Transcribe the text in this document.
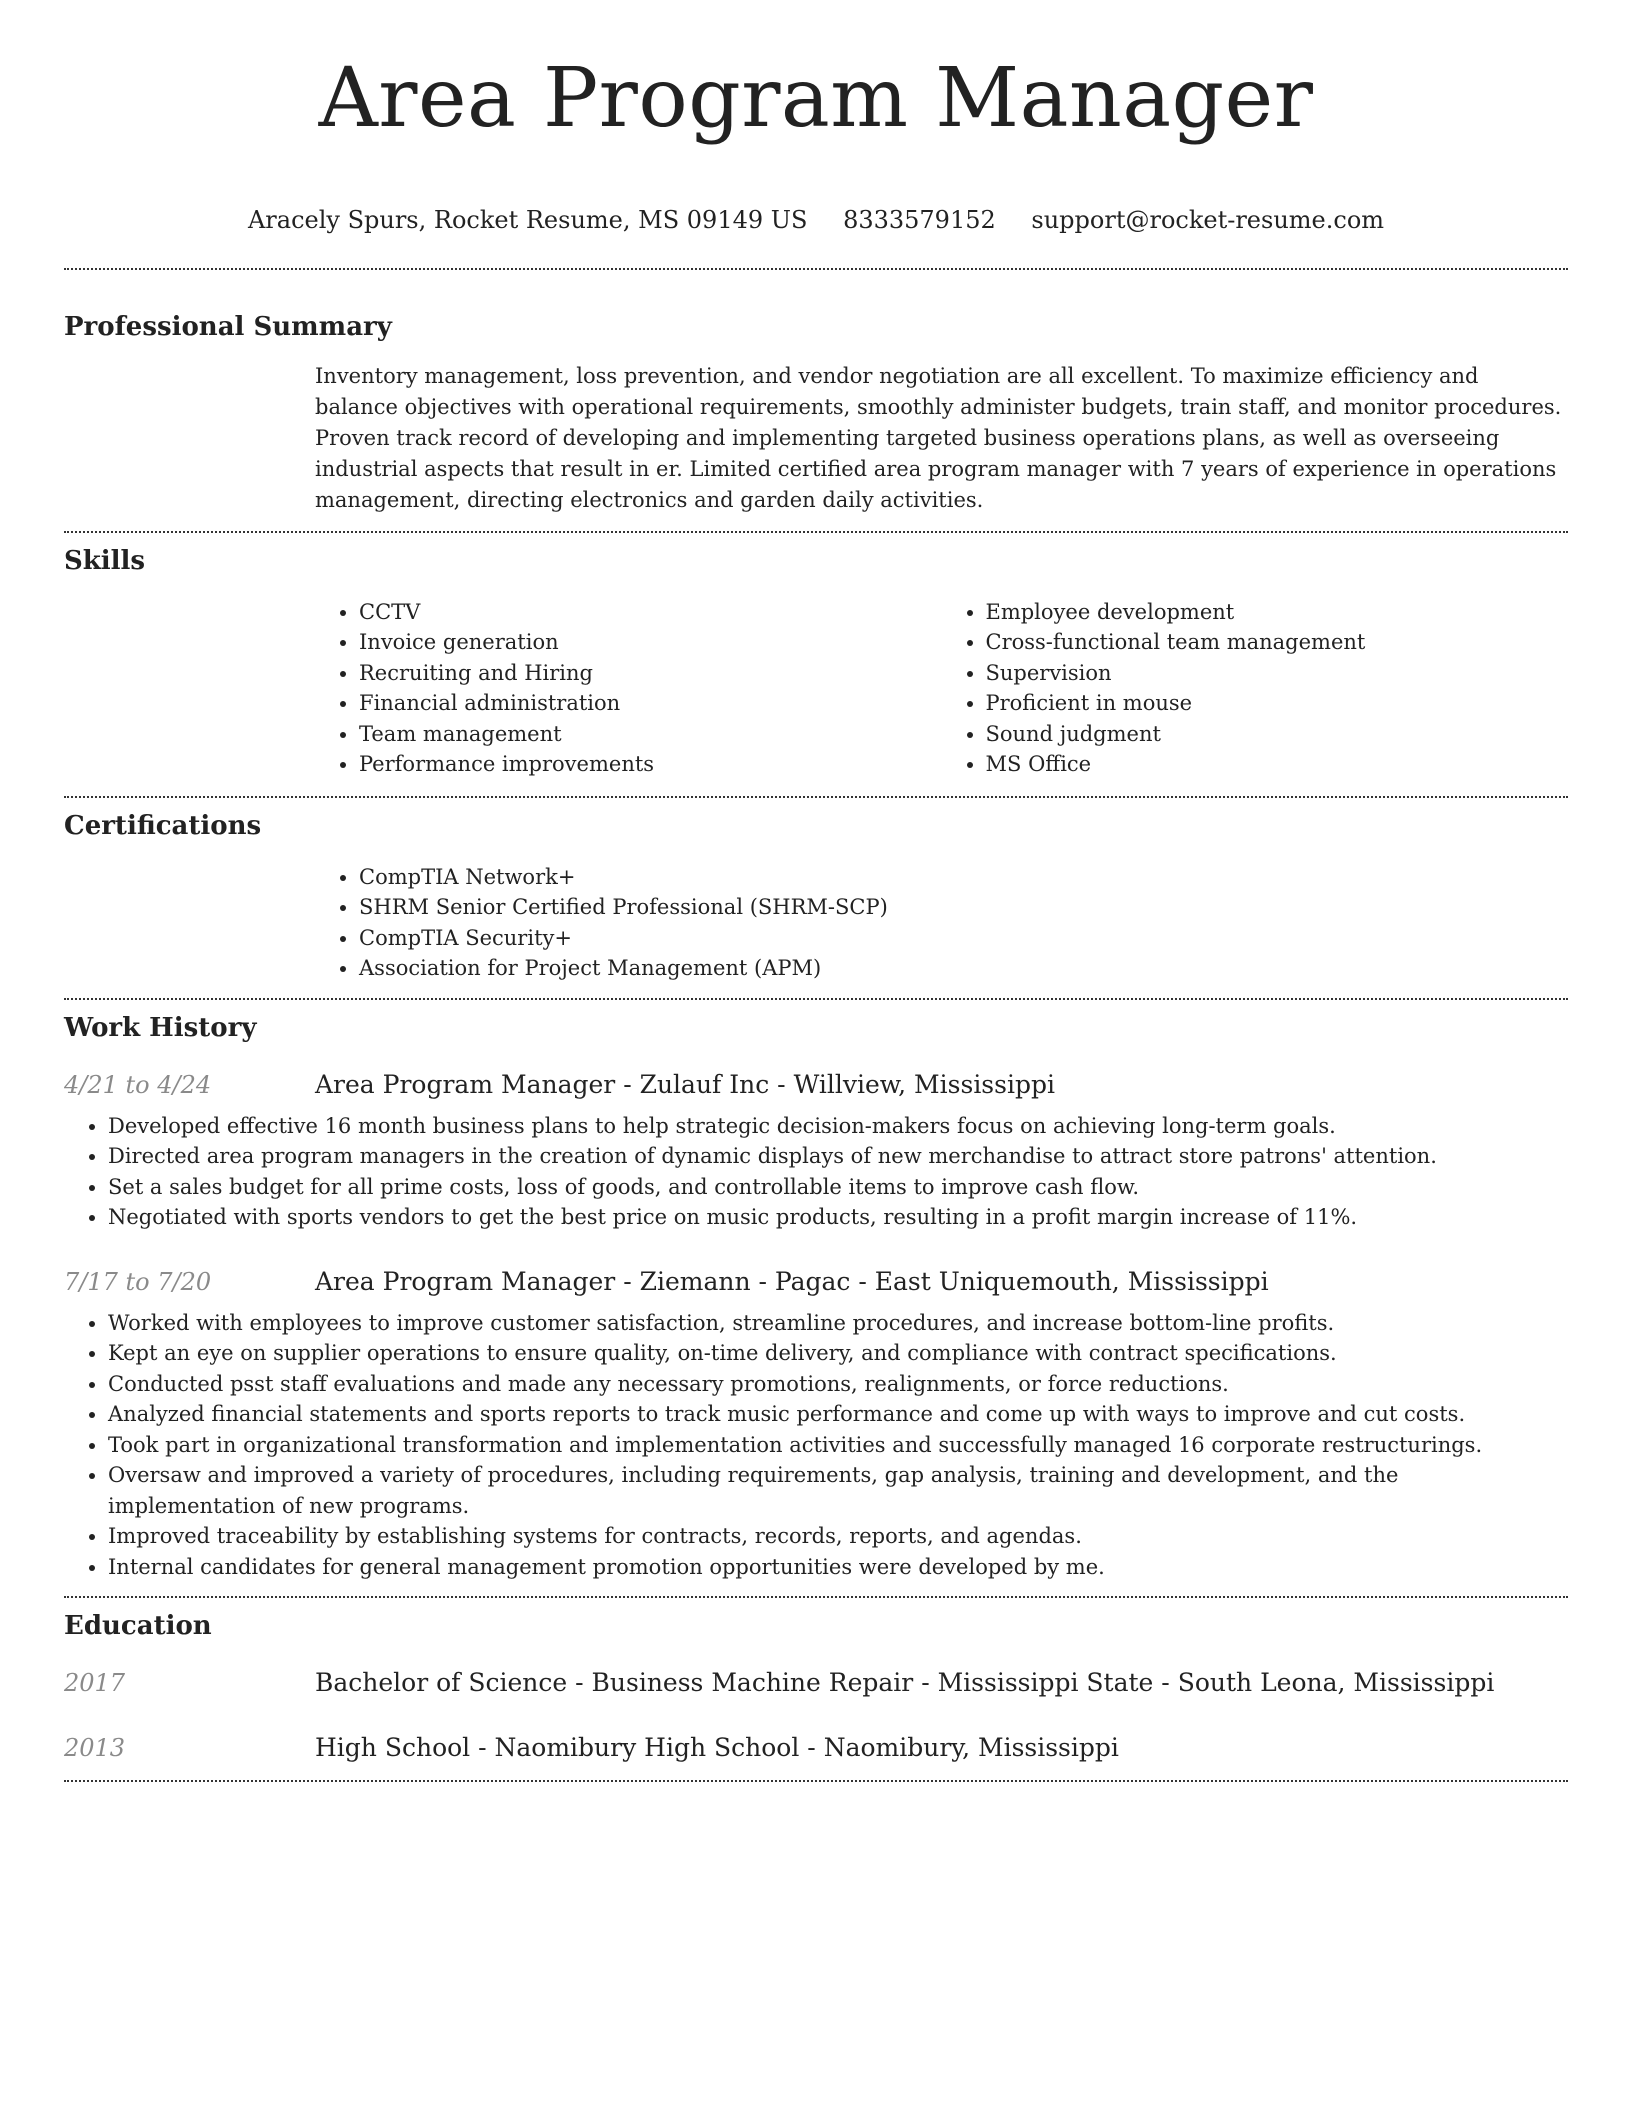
Area Program Manager
Aracely Spurs, Rocket Resume, MS 09149 US 8333579152 support@rocket-resume.com
Professional Summary

Inventory management, loss prevention, and vendor negotiation are all excellent. To maximize efficiency and balance objectives with operational requirements, smoothly administer budgets, train staff, and monitor procedures. Proven track record of developing and implementing targeted business operations plans, as well as overseeing industrial aspects that result in er. Limited certified area program manager with 7 years of experience in operations management, directing electronics and garden daily activities.

Skills
• CCTV
• Invoice generation
• Recruiting and Hiring
• Financial administration
• Team management
• Performance improvements
• Employee development
• Cross-functional team management
• Supervision
• Proficient in mouse
• Sound judgment
• MS Office
Certifications
• CompTIA Network+
• SHRM Senior Certified Professional (SHRM-SCP)
• CompTIA Security+
• Association for Project Management (APM)
Work History
4/21 to 4/24	Area Program Manager - Zulauf Inc - Willview, Mississippi
• Developed effective 16 month business plans to help strategic decision-makers focus on achieving long-term goals.
• Directed area program managers in the creation of dynamic displays of new merchandise to attract store patrons' attention.
• Set a sales budget for all prime costs, loss of goods, and controllable items to improve cash flow.
• Negotiated with sports vendors to get the best price on music products, resulting in a profit margin increase of 11%.
7/17 to 7/20	Area Program Manager - Ziemann - Pagac - East Uniquemouth, Mississippi
• Worked with employees to improve customer satisfaction, streamline procedures, and increase bottom-line profits.
• Kept an eye on supplier operations to ensure quality, on-time delivery, and compliance with contract specifications.
• Conducted psst staff evaluations and made any necessary promotions, realignments, or force reductions.
• Analyzed financial statements and sports reports to track music performance and come up with ways to improve and cut costs.
• Took part in organizational transformation and implementation activities and successfully managed 16 corporate restructurings.
• Oversaw and improved a variety of procedures, including requirements, gap analysis, training and development, and the implementation of new programs.
• Improved traceability by establishing systems for contracts, records, reports, and agendas.
• Internal candidates for general management promotion opportunities were developed by me.
Education
2017	Bachelor of Science - Business Machine Repair - Mississippi State - South Leona, Mississippi
2013	High School - Naomibury High School - Naomibury, Mississippi
